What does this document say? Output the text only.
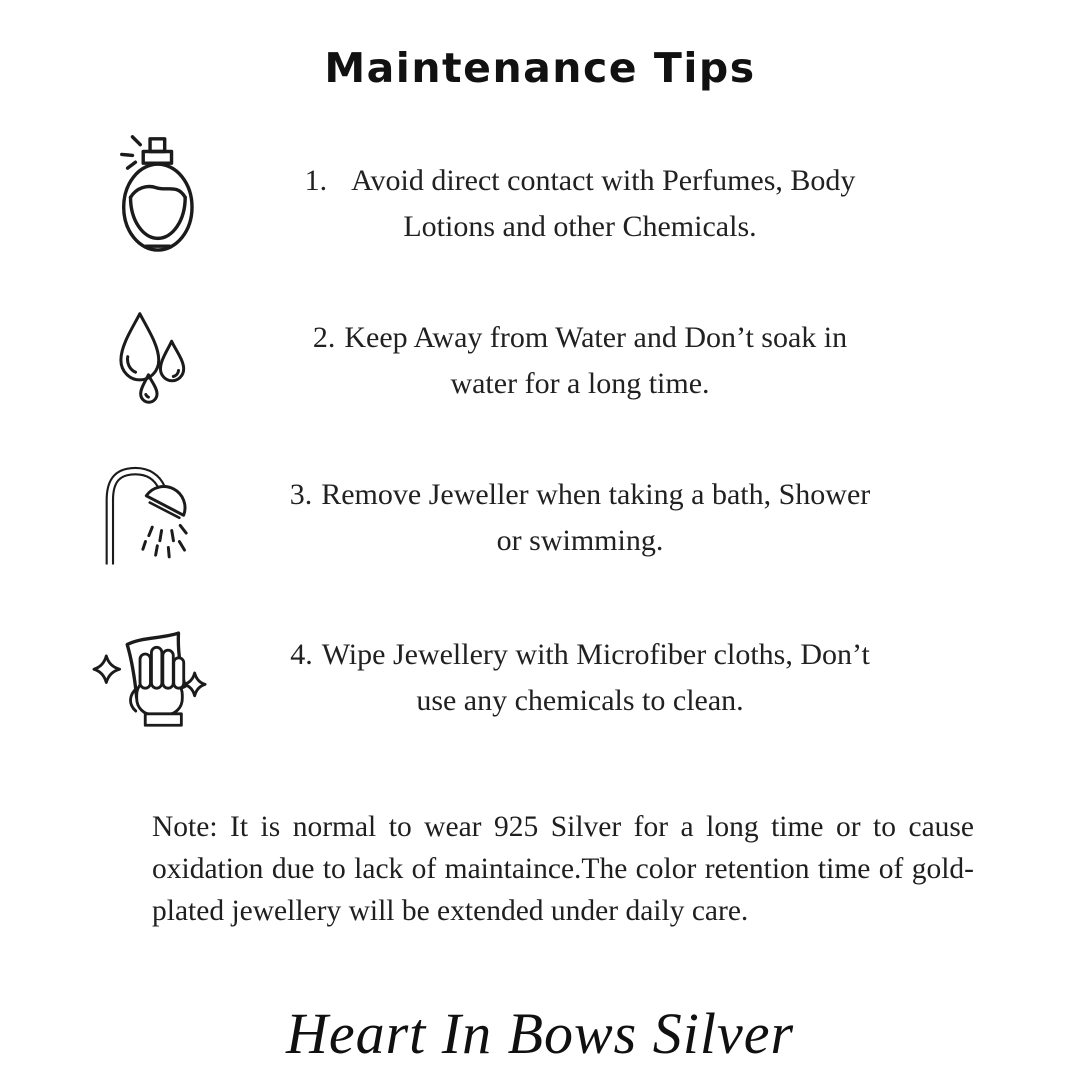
Maintenance Tips
1. Avoid direct contact with Perfumes, Body
Lotions and other Chemicals.
2. Keep Away from Water and Don’t soak in
water for a long time.
3. Remove Jeweller when taking a bath, Shower
or swimming.
4. Wipe Jewellery with Microfiber cloths, Don’t
use any chemicals to clean.
Note: It is normal to wear 925 Silver for a long time or to cause oxidation due to lack of maintaince.The color retention time of gold-plated jewellery will be extended under daily care.
Heart In Bows Silver
